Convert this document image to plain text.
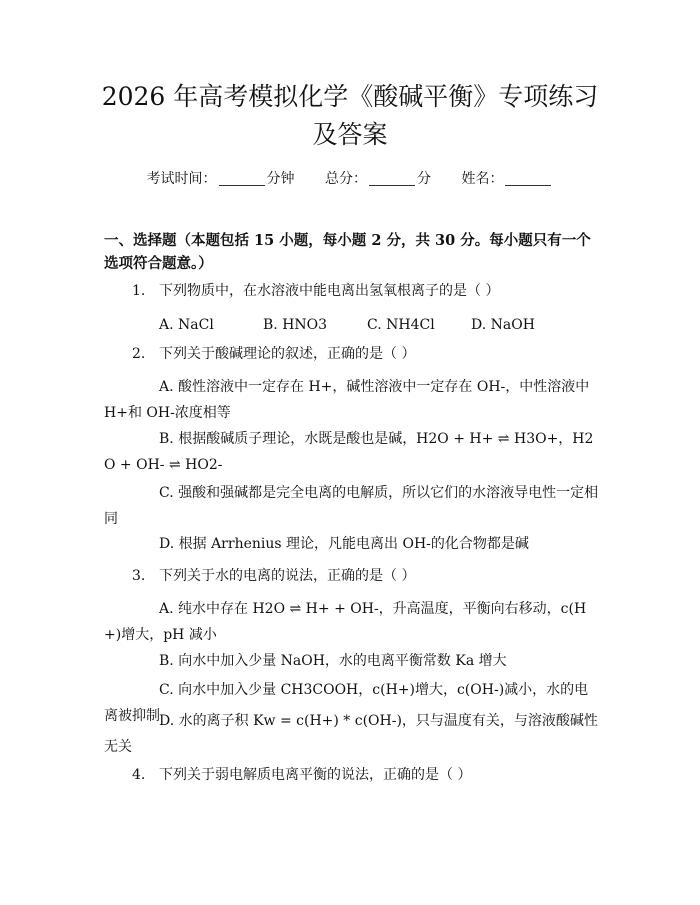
2026 年高考模拟化学《酸碱平衡》专项练习
及答案
考试时间：	分钟 总分：	分 姓名：

一、选择题（本题包括 15 小题，每小题 2 分，共 30 分。每小题只有一个选项符合题意。）

1. 下列物质中，在水溶液中能电离出氢氧根离子的是（ ）
A. NaCl	B. HNO3	C. NH4Cl	D. NaOH
2. 下列关于酸碱理论的叙述，正确的是（ ）
A. 酸性溶液中一定存在 H+，碱性溶液中一定存在 OH-，中性溶液中 H+和 OH-浓度相等
B. 根据酸碱质子理论，水既是酸也是碱，H2O + H+ ⇌ H3O+，H2O + OH- ⇌ HO2-
C. 强酸和强碱都是完全电离的电解质，所以它们的水溶液导电性一定相同
D. 根据 Arrhenius 理论，凡能电离出 OH-的化合物都是碱
3. 下列关于水的电离的说法，正确的是（ ）
A. 纯水中存在 H2O ⇌ H+ + OH-，升高温度，平衡向右移动，c(H+)增大，pH 减小
B. 向水中加入少量 NaOH，水的电离平衡常数 Ka 增大
C. 向水中加入少量 CH3COOH，c(H+)增大，c(OH-)减小，水的电离被抑制 D. 水的离子积 Kw = c(H+) * c(OH-)，只与温度有关，与溶液酸碱性无关
4. 下列关于弱电解质电离平衡的说法，正确的是（ ）
